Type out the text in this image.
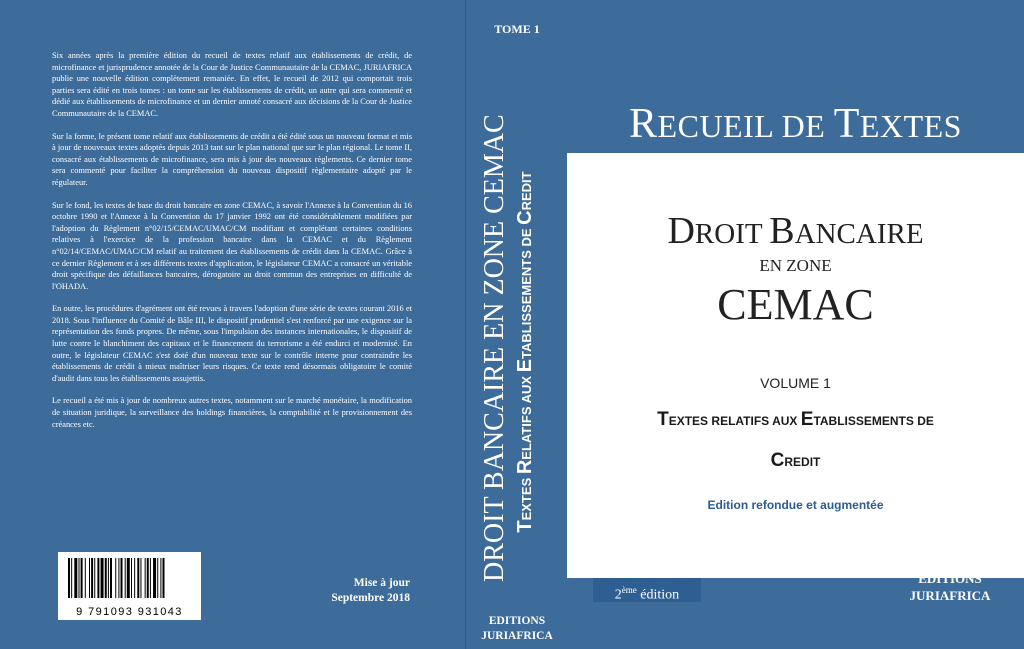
Six années après la première édition du recueil de textes relatif aux établissements de crédit, de microfinance et jurisprudence annotée de la Cour de Justice Communautaire de la CEMAC, JURIAFRICA publie une nouvelle édition complètement remaniée. En effet, le recueil de 2012 qui comportait trois parties sera édité en trois tomes : un tome sur les établissements de crédit, un autre qui sera commenté et dédié aux établissements de microfinance et un dernier annoté consacré aux décisions de la Cour de Justice Communautaire de la CEMAC.

Sur la forme, le présent tome relatif aux établissements de crédit a été édité sous un nouveau format et mis à jour de nouveaux textes adoptés depuis 2013 tant sur le plan national que sur le plan régional. Le tome II, consacré aux établissements de microfinance, sera mis à jour des nouveaux règlements. Ce dernier tome sera commenté pour faciliter la compréhension du nouveau dispositif règlementaire adopté par le régulateur.

Sur le fond, les textes de base du droit bancaire en zone CEMAC, à savoir l'Annexe à la Convention du 16 octobre 1990 et l'Annexe à la Convention du 17 janvier 1992 ont été considérablement modifiées par l'adoption du Règlement n°02/15/CEMAC/UMAC/CM modifiant et complétant certaines conditions relatives à l'exercice de la profession bancaire dans la CEMAC et du Règlement n°02/14/CEMAC/UMAC/CM relatif au traitement des établissements de crédit dans la CEMAC. Grâce à ce dernier Règlement et à ses différents textes d'application, le législateur CEMAC a consacré un véritable droit spécifique des défaillances bancaires, dérogatoire au droit commun des entreprises en difficulté de l'OHADA.

En outre, les procédures d'agrément ont été revues à travers l'adoption d'une série de textes courant 2016 et 2018. Sous l'influence du Comité de Bâle III, le dispositif prudentiel s'est renforcé par une exigence sur la représentation des fonds propres. De même, sous l'impulsion des instances internationales, le dispositif de lutte contre le blanchiment des capitaux et le financement du terrorisme a été endurci et modernisé. En outre, le législateur CEMAC s'est doté d'un nouveau texte sur le contrôle interne pour contraindre les établissements de crédit à mieux maîtriser leurs risques. Ce texte rend désormais obligatoire le comité d'audit dans tous les établissements assujettis.

Le recueil a été mis à jour de nombreux autres textes, notamment sur le marché monétaire, la modification de situation juridique, la surveillance des holdings financières, la comptabilité et le provisionnement des créances etc.

9 791093 931043
Mise à jour
Septembre 2018
TOME 1
DROIT BANCAIRE EN ZONE CEMAC TEXTES RELATIFS AUX ETABLISSEMENTS DE CREDIT
EDITIONS
JURIAFRICA
RECUEIL DE TEXTES
DROIT BANCAIRE
EN ZONE
CEMAC
VOLUME 1
TEXTES RELATIFS AUX ETABLISSEMENTS DE
CREDIT
Edition refondue et augmentée
2ème édition
EDITIONS
JURIAFRICA
